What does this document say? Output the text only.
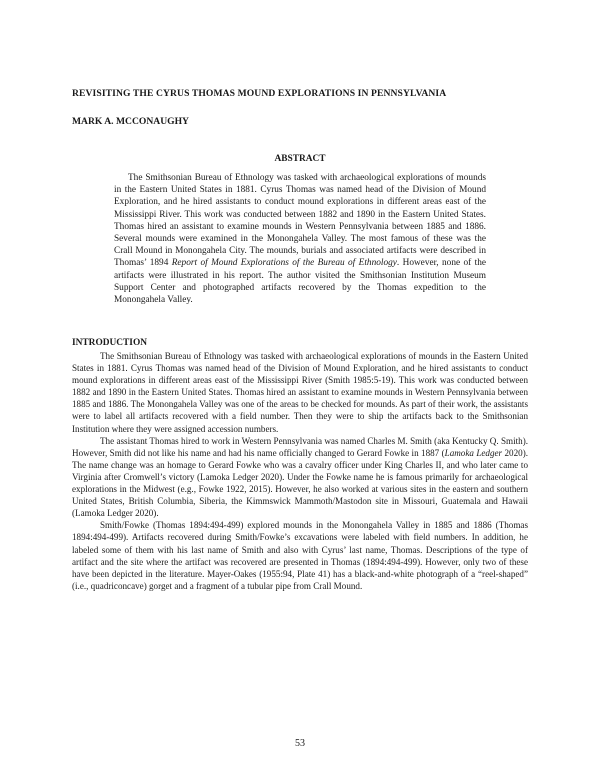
REVISITING THE CYRUS THOMAS MOUND EXPLORATIONS IN PENNSYLVANIA
MARK A. MCCONAUGHY
ABSTRACT

The Smithsonian Bureau of Ethnology was tasked with archaeological explorations of mounds in the Eastern United States in 1881. Cyrus Thomas was named head of the Division of Mound Exploration, and he hired assistants to conduct mound explorations in different areas east of the Mississippi River. This work was conducted between 1882 and 1890 in the Eastern United States. Thomas hired an assistant to examine mounds in Western Pennsylvania between 1885 and 1886. Several mounds were examined in the Monongahela Valley. The most famous of these was the Crall Mound in Monongahela City. The mounds, burials and associated artifacts were described in Thomas’ 1894 Report of Mound Explorations of the Bureau of Ethnology. However, none of the artifacts were illustrated in his report. The author visited the Smithsonian Institution Museum Support Center and photographed artifacts recovered by the Thomas expedition to the Monongahela Valley.

INTRODUCTION

The Smithsonian Bureau of Ethnology was tasked with archaeological explorations of mounds in the Eastern United States in 1881. Cyrus Thomas was named head of the Division of Mound Exploration, and he hired assistants to conduct mound explorations in different areas east of the Mississippi River (Smith 1985:5-19). This work was conducted between 1882 and 1890 in the Eastern United States. Thomas hired an assistant to examine mounds in Western Pennsylvania between 1885 and 1886. The Monongahela Valley was one of the areas to be checked for mounds. As part of their work, the assistants were to label all artifacts recovered with a field number. Then they were to ship the artifacts back to the Smithsonian Institution where they were assigned accession numbers.

The assistant Thomas hired to work in Western Pennsylvania was named Charles M. Smith (aka Kentucky Q. Smith). However, Smith did not like his name and had his name officially changed to Gerard Fowke in 1887 (Lamoka Ledger 2020). The name change was an homage to Gerard Fowke who was a cavalry officer under King Charles II, and who later came to Virginia after Cromwell’s victory (Lamoka Ledger 2020). Under the Fowke name he is famous primarily for archaeological explorations in the Midwest (e.g., Fowke 1922, 2015). However, he also worked at various sites in the eastern and southern United States, British Columbia, Siberia, the Kimmswick Mammoth/Mastodon site in Missouri, Guatemala and Hawaii (Lamoka Ledger 2020).

Smith/Fowke (Thomas 1894:494-499) explored mounds in the Monongahela Valley in 1885 and 1886 (Thomas 1894:494-499). Artifacts recovered during Smith/Fowke’s excavations were labeled with field numbers. In addition, he labeled some of them with his last name of Smith and also with Cyrus’ last name, Thomas. Descriptions of the type of artifact and the site where the artifact was recovered are presented in Thomas (1894:494-499). However, only two of these have been depicted in the literature. Mayer-Oakes (1955:94, Plate 41) has a black-and-white photograph of a “reel-shaped” (i.e., quadriconcave) gorget and a fragment of a tubular pipe from Crall Mound.

53
